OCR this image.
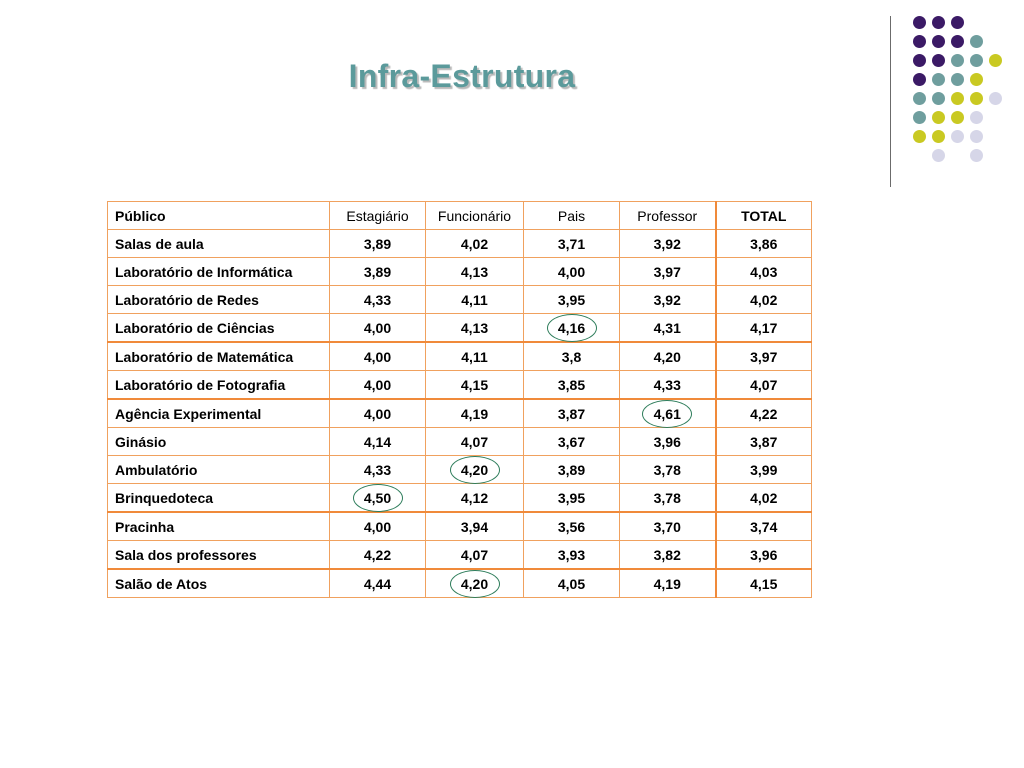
Infra-Estrutura
Público	Estagiário	Funcionário	Pais	Professor	TOTAL
Salas de aula	3,89	4,02	3,71	3,92	3,86
Laboratório de Informática	3,89	4,13	4,00	3,97	4,03
Laboratório de Redes	4,33	4,11	3,95	3,92	4,02
Laboratório de Ciências	4,00	4,13	4,16	4,31	4,17
Laboratório de Matemática	4,00	4,11	3,8	4,20	3,97
Laboratório de Fotografia	4,00	4,15	3,85	4,33	4,07
Agência Experimental	4,00	4,19	3,87	4,61	4,22
Ginásio	4,14	4,07	3,67	3,96	3,87
Ambulatório	4,33	4,20	3,89	3,78	3,99
Brinquedoteca	4,50	4,12	3,95	3,78	4,02
Pracinha	4,00	3,94	3,56	3,70	3,74
Sala dos professores	4,22	4,07	3,93	3,82	3,96
Salão de Atos	4,44	4,20	4,05	4,19	4,15
